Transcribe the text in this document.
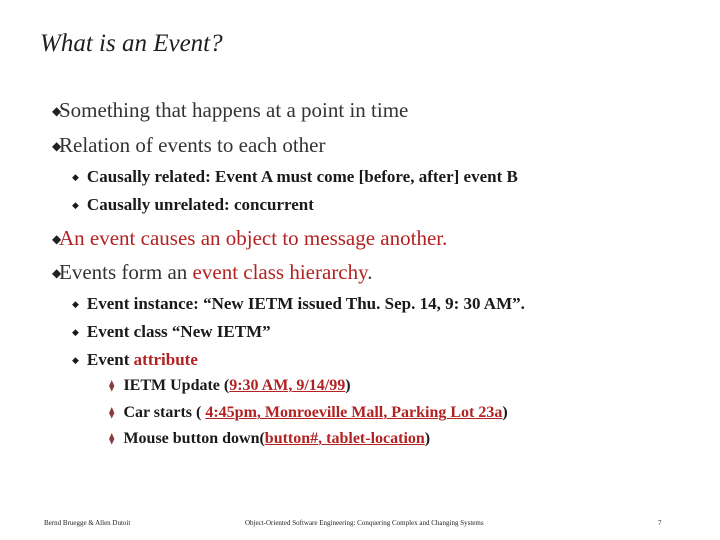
What is an Event?
◆
Something that happens at a point in time
◆
Relation of events to each other
◆ Causally related: Event A must come [before, after] event B
◆ Causally unrelated: concurrent
◆
An event causes an object to message another.
◆
Events form an event class hierarchy.
◆ Event instance: “New IETM issued Thu. Sep. 14, 9: 30 AM”.
◆ Event class “New IETM”
◆ Event attribute
⧫ IETM Update (9:30 AM, 9/14/99)
⧫ Car starts ( 4:45pm, Monroeville Mall, Parking Lot 23a)
⧫ Mouse button down(button#, tablet-location)
Bernd Bruegge & Allen Dutoit	Object-Oriented Software Engineering: Conquering Complex and Changing Systems	7
